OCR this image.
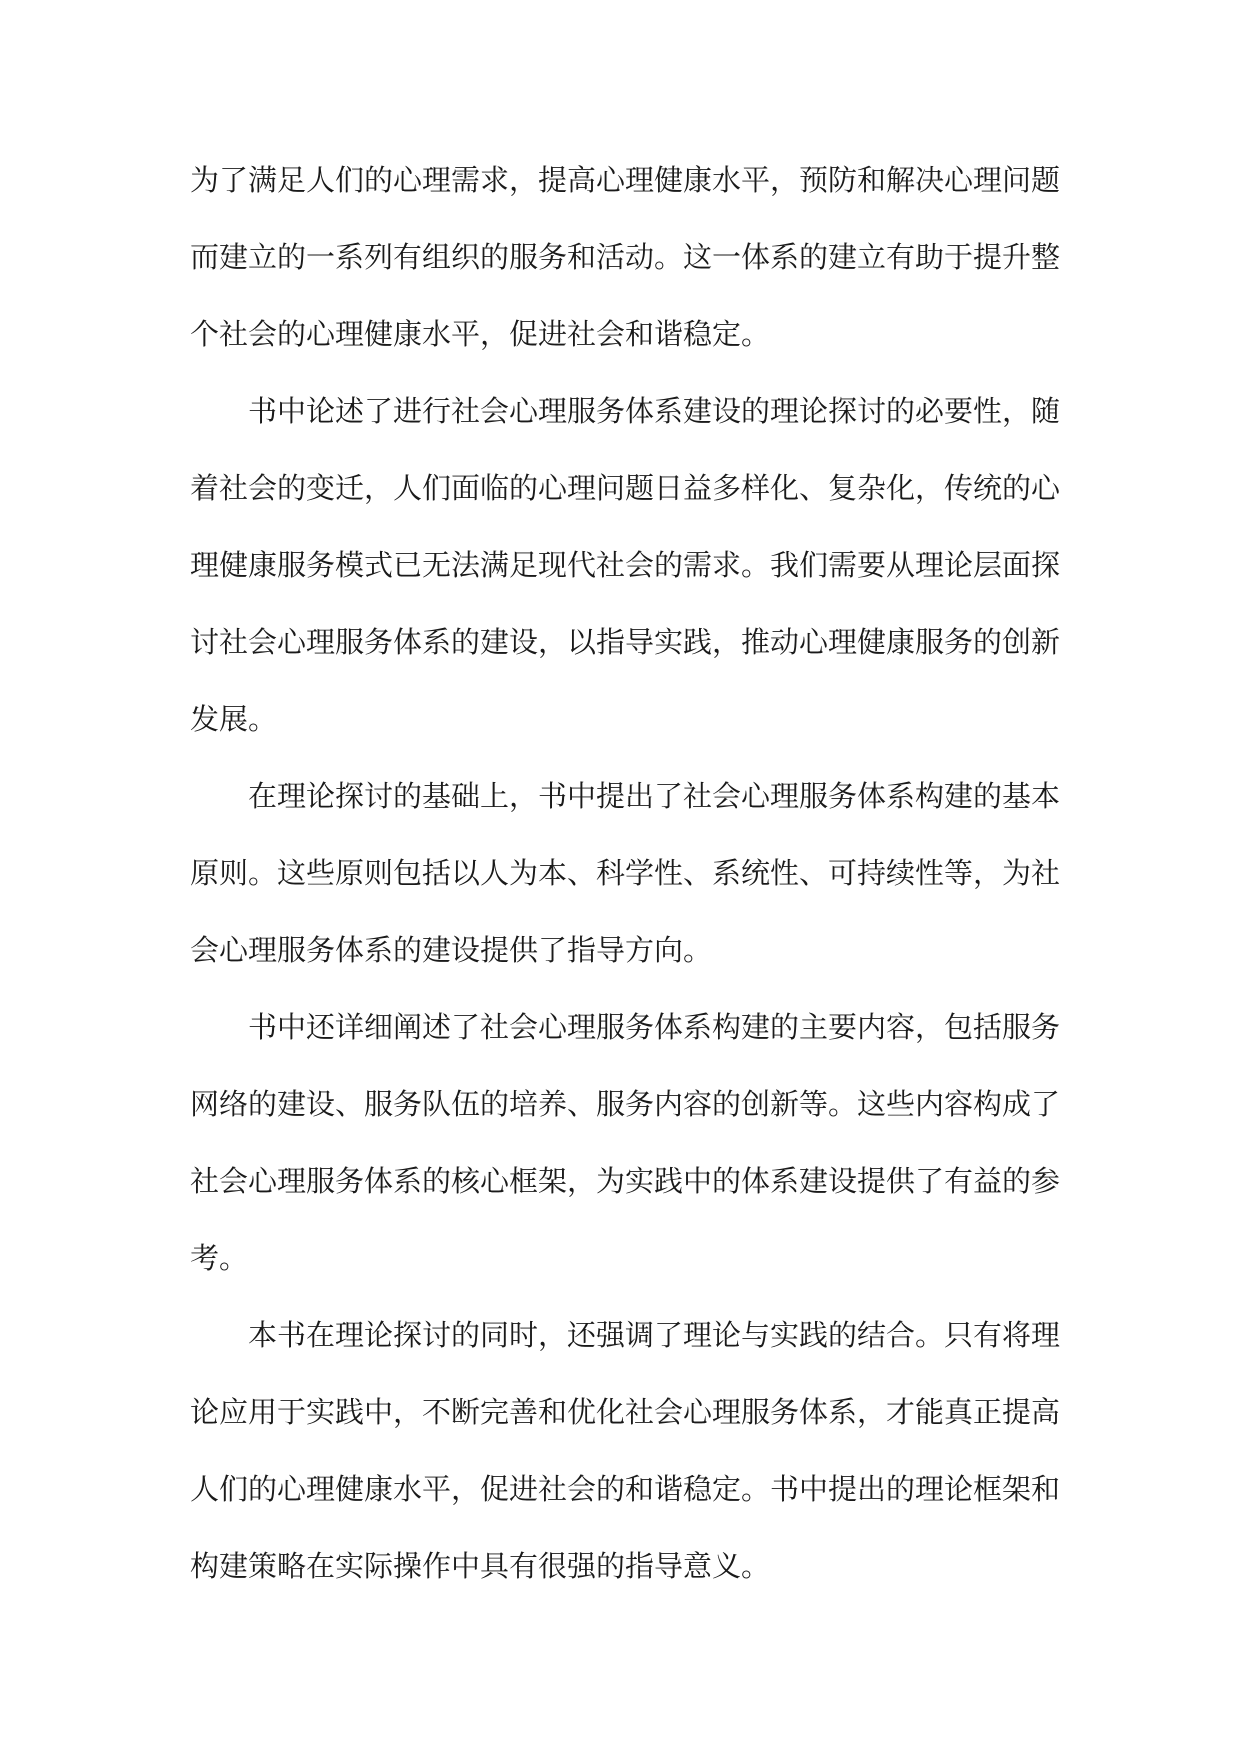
为了满足人们的心理需求，提高心理健康水平，预防和解决心理问题
而建立的一系列有组织的服务和活动。这一体系的建立有助于提升整
个社会的心理健康水平，促进社会和谐稳定。
书中论述了进行社会心理服务体系建设的理论探讨的必要性，随
着社会的变迁，人们面临的心理问题日益多样化、复杂化，传统的心
理健康服务模式已无法满足现代社会的需求。我们需要从理论层面探
讨社会心理服务体系的建设，以指导实践，推动心理健康服务的创新
发展。
在理论探讨的基础上，书中提出了社会心理服务体系构建的基本
原则。这些原则包括以人为本、科学性、系统性、可持续性等，为社
会心理服务体系的建设提供了指导方向。
书中还详细阐述了社会心理服务体系构建的主要内容，包括服务
网络的建设、服务队伍的培养、服务内容的创新等。这些内容构成了
社会心理服务体系的核心框架，为实践中的体系建设提供了有益的参
考。
本书在理论探讨的同时，还强调了理论与实践的结合。只有将理
论应用于实践中，不断完善和优化社会心理服务体系，才能真正提高
人们的心理健康水平，促进社会的和谐稳定。书中提出的理论框架和
构建策略在实际操作中具有很强的指导意义。
